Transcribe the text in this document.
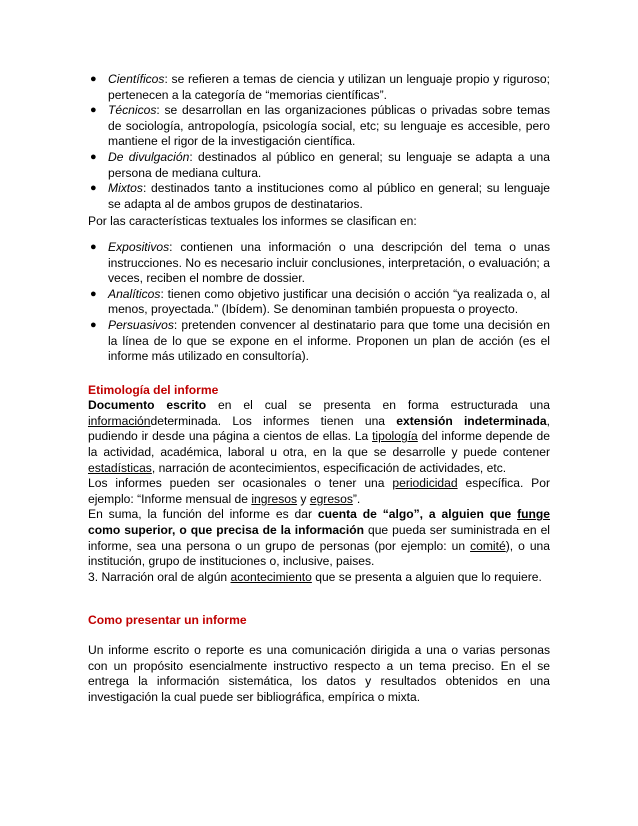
● Científicos: se refieren a temas de ciencia y utilizan un lenguaje propio y riguroso; pertenecen a la categoría de “memorias científicas”.
● Técnicos: se desarrollan en las organizaciones públicas o privadas sobre temas de sociología, antropología, psicología social, etc; su lenguaje es accesible, pero mantiene el rigor de la investigación científica.
● De divulgación: destinados al público en general; su lenguaje se adapta a una persona de mediana cultura.
● Mixtos: destinados tanto a instituciones como al público en general; su lenguaje se adapta al de ambos grupos de destinatarios.

Por las características textuales los informes se clasifican en:

● Expositivos: contienen una información o una descripción del tema o unas instrucciones. No es necesario incluir conclusiones, interpretación, o evaluación; a veces, reciben el nombre de dossier.
● Analíticos: tienen como objetivo justificar una decisión o acción “ya realizada o, al menos, proyectada.” (Ibídem). Se denominan también propuesta o proyecto.
● Persuasivos: pretenden convencer al destinatario para que tome una decisión en la línea de lo que se expone en el informe. Proponen un plan de acción (es el informe más utilizado en consultoría).
Etimología del informe

Documento escrito en el cual se presenta en forma estructurada una informacióndeterminada. Los informes tienen una extensión indeterminada, pudiendo ir desde una página a cientos de ellas. La tipología del informe depende de la actividad, académica, laboral u otra, en la que se desarrolle y puede contener estadísticas, narración de acontecimientos, especificación de actividades, etc.

Los informes pueden ser ocasionales o tener una periodicidad específica. Por ejemplo: “Informe mensual de ingresos y egresos”.

En suma, la función del informe es dar cuenta de “algo”, a alguien que funge como superior, o que precisa de la información que pueda ser suministrada en el informe, sea una persona o un grupo de personas (por ejemplo: un comité), o una institución, grupo de instituciones o, inclusive, paises.

3. Narración oral de algún acontecimiento que se presenta a alguien que lo requiere.

Como presentar un informe

Un informe escrito o reporte es una comunicación dirigida a una o varias personas con un propósito esencialmente instructivo respecto a un tema preciso. En el se entrega la información sistemática, los datos y resultados obtenidos en una investigación la cual puede ser bibliográfica, empírica o mixta.
